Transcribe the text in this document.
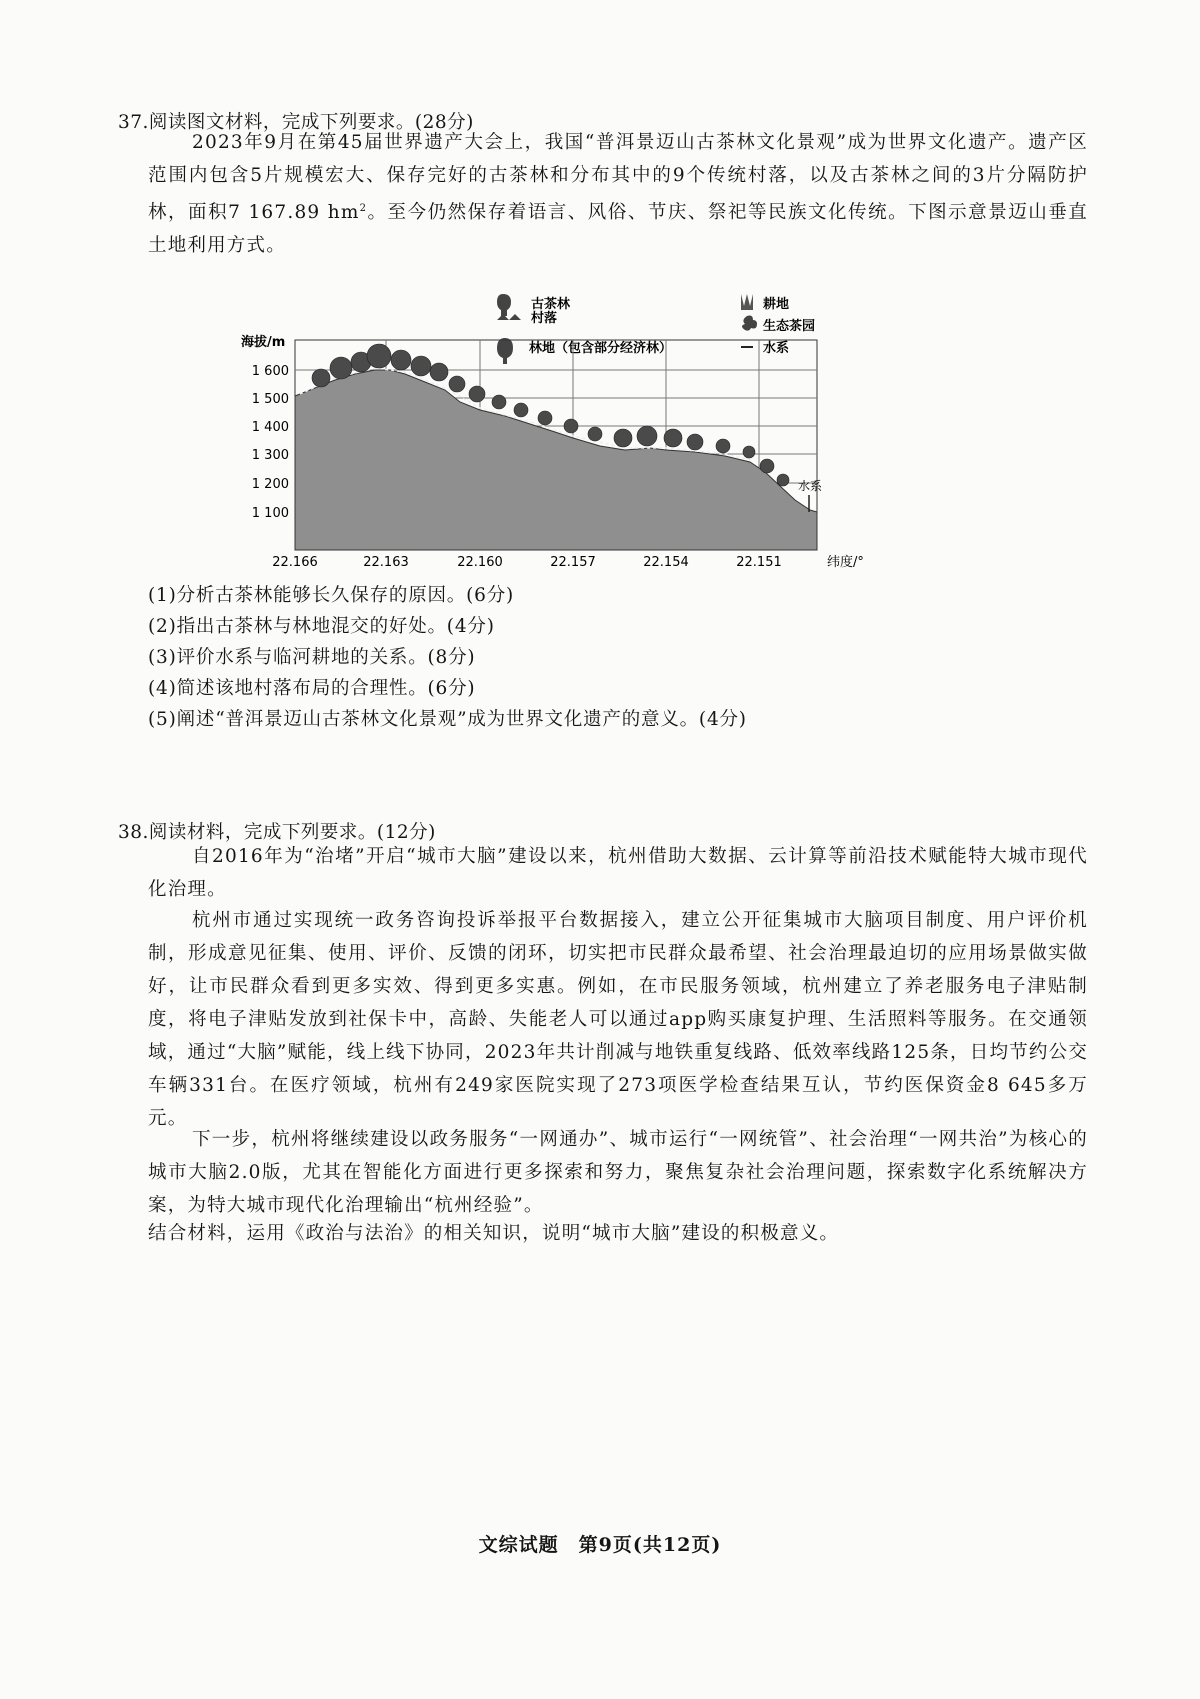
37.阅读图文材料，完成下列要求。(28分)

2023年9月在第45届世界遗产大会上，我国“普洱景迈山古茶林文化景观”成为世界文化遗产。遗产区范围内包含5片规模宏大、保存完好的古茶林和分布其中的9个传统村落，以及古茶林之间的3片分隔防护林，面积7 167.89 $hm^2$。至今仍然保存着语言、风俗、节庆、祭祀等民族文化传统。下图示意景迈山垂直土地利用方式。

古茶林
村落
林地（包含部分经济林）
耕地
生态茶园
水系
海拔/m
1 600
1 500
1 400
1 300
1 200
1 100
水系
22.166	22.163	22.160	22.157	22.154	22.151	纬度/°
(1)分析古茶林能够长久保存的原因。(6分)
(2)指出古茶林与林地混交的好处。(4分)
(3)评价水系与临河耕地的关系。(8分)
(4)简述该地村落布局的合理性。(6分)
(5)阐述“普洱景迈山古茶林文化景观”成为世界文化遗产的意义。(4分)
38.阅读材料，完成下列要求。(12分)

自2016年为“治堵”开启“城市大脑”建设以来，杭州借助大数据、云计算等前沿技术赋能特大城市现代化治理。

杭州市通过实现统一政务咨询投诉举报平台数据接入，建立公开征集城市大脑项目制度、用户评价机制，形成意见征集、使用、评价、反馈的闭环，切实把市民群众最希望、社会治理最迫切的应用场景做实做好，让市民群众看到更多实效、得到更多实惠。例如，在市民服务领域，杭州建立了养老服务电子津贴制度，将电子津贴发放到社保卡中，高龄、失能老人可以通过app购买康复护理、生活照料等服务。在交通领域，通过“大脑”赋能，线上线下协同，2023年共计削减与地铁重复线路、低效率线路125条，日均节约公交车辆331台。在医疗领域，杭州有249家医院实现了273项医学检查结果互认，节约医保资金8 645多万元。

下一步，杭州将继续建设以政务服务“一网通办”、城市运行“一网统管”、社会治理“一网共治”为核心的城市大脑2.0版，尤其在智能化方面进行更多探索和努力，聚焦复杂社会治理问题，探索数字化系统解决方案，为特大城市现代化治理输出“杭州经验”。

结合材料，运用《政治与法治》的相关知识，说明“城市大脑”建设的积极意义。

文综试题　第9页(共12页)
